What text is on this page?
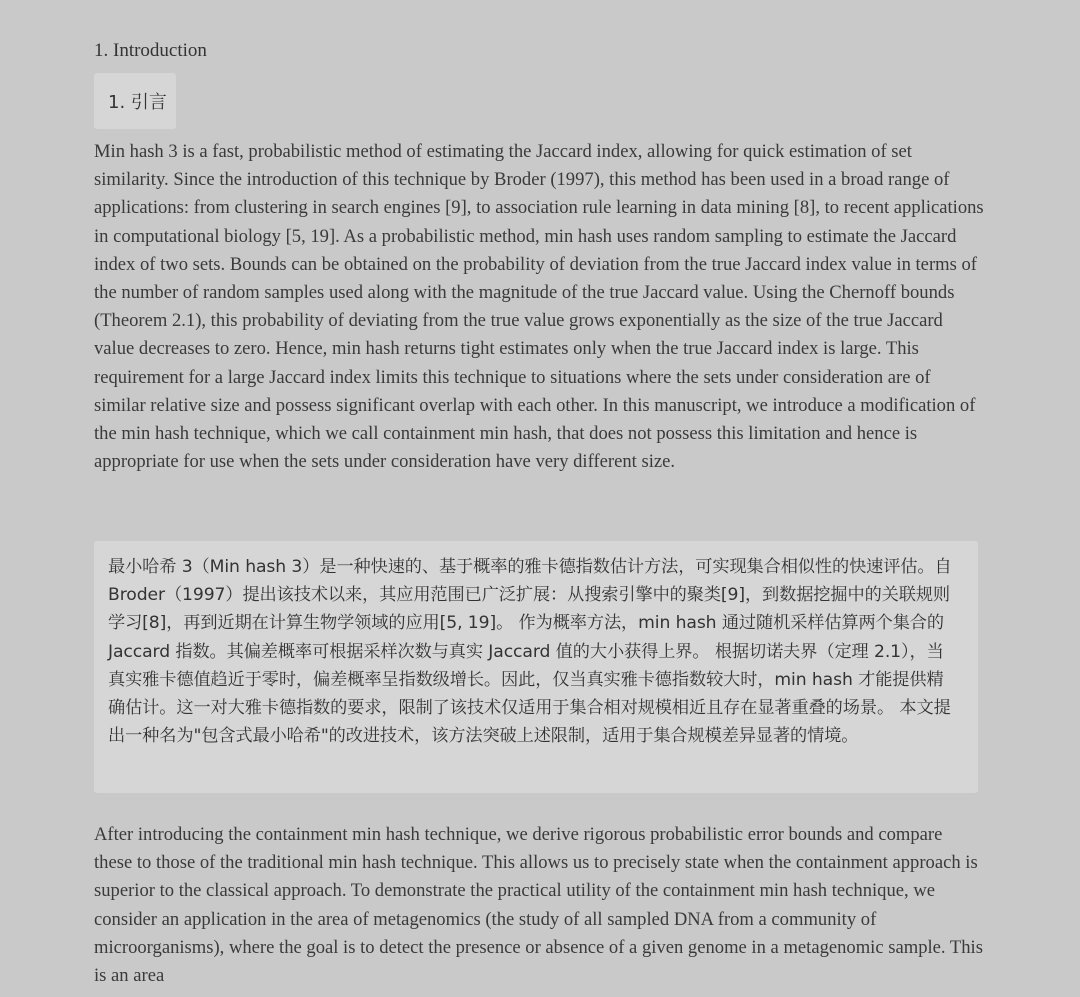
1. Introduction
1. 引言

Min hash 3 is a fast, probabilistic method of estimating the Jaccard index, allowing for quick estimation of set similarity. Since the introduction of this technique by Broder (1997), this method has been used in a broad range of applications: from clustering in search engines [9], to association rule learning in data mining [8], to recent applications in computational biology [5, 19]. As a probabilistic method, min hash uses random sampling to estimate the Jaccard index of two sets. Bounds can be obtained on the probability of deviation from the true Jaccard index value in terms of the number of random samples used along with the magnitude of the true Jaccard value. Using the Chernoff bounds (Theorem 2.1), this probability of deviating from the true value grows exponentially as the size of the true Jaccard value decreases to zero. Hence, min hash returns tight estimates only when the true Jaccard index is large. This requirement for a large Jaccard index limits this technique to situations where the sets under consideration are of similar relative size and possess significant overlap with each other. In this manuscript, we introduce a modification of the min hash technique, which we call containment min hash, that does not possess this limitation and hence is appropriate for use when the sets under consideration have very different size.

最小哈希 3（Min hash 3）是一种快速的、基于概率的雅卡德指数估计方法，可实现集合相似性的快速评估。自 Broder（1997）提出该技术以来，其应用范围已广泛扩展：从搜索引擎中的聚类[9]，到数据挖掘中的关联规则学习[8]，再到近期在计算生物学领域的应用[5, 19]。 作为概率方法，min hash 通过随机采样估算两个集合的 Jaccard 指数。其偏差概率可根据采样次数与真实 Jaccard 值的大小获得上界。 根据切诺夫界（定理 2.1），当真实雅卡德值趋近于零时，偏差概率呈指数级增长。因此，仅当真实雅卡德指数较大时，min hash 才能提供精确估计。这一对大雅卡德指数的要求，限制了该技术仅适用于集合相对规模相近且存在显著重叠的场景。 本文提出一种名为"包含式最小哈希"的改进技术，该方法突破上述限制，适用于集合规模差异显著的情境。

After introducing the containment min hash technique, we derive rigorous probabilistic error bounds and compare these to those of the traditional min hash technique. This allows us to precisely state when the containment approach is superior to the classical approach. To demonstrate the practical utility of the containment min hash technique, we consider an application in the area of metagenomics (the study of all sampled DNA from a community of microorganisms), where the goal is to detect the presence or absence of a given genome in a metagenomic sample. This is an area
